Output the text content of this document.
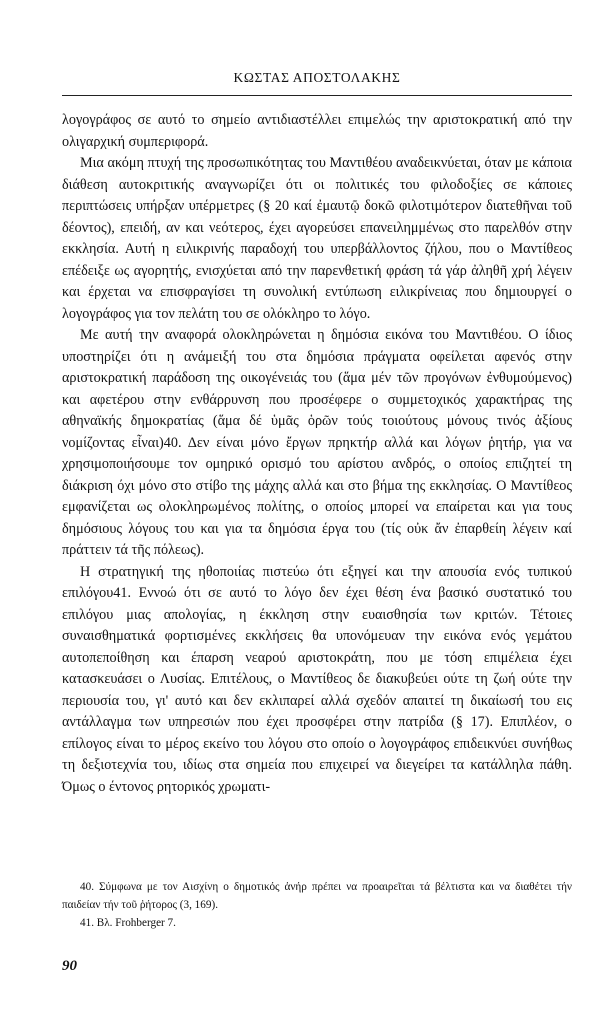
ΚΩΣΤΑΣ ΑΠΟΣΤΟΛΑΚΗΣ

λογογράφος σε αυτό το σημείο αντιδιαστέλλει επιμελώς την αριστοκρατική από την ολιγαρχική συμπεριφορά.

Μια ακόμη πτυχή της προσωπικότητας του Μαντιθέου αναδεικνύεται, όταν με κάποια διάθεση αυτοκριτικής αναγνωρίζει ότι οι πολιτικές του φιλοδοξίες σε κάποιες περιπτώσεις υπήρξαν υπέρμετρες (§ 20 καί ἐμαυτῷ δοκῶ φιλοτιμότερον διατεθῆναι τοῦ δέοντος), επειδή, αν και νεότερος, έχει αγορεύσει επανειλημμένως στο παρελθόν στην εκκλησία. Αυτή η ειλικρινής παραδοχή του υπερβάλλοντος ζήλου, που ο Μαντίθεος επέδειξε ως αγορητής, ενισχύεται από την παρενθετική φράση τά γάρ ἀληθῆ χρή λέγειν και έρχεται να επισφραγίσει τη συνολική εντύπωση ειλικρίνειας που δημιουργεί ο λογογράφος για τον πελάτη του σε ολόκληρο το λόγο.

Με αυτή την αναφορά ολοκληρώνεται η δημόσια εικόνα του Μαντιθέου. Ο ίδιος υποστηρίζει ότι η ανάμειξή του στα δημόσια πράγματα οφείλεται αφενός στην αριστοκρατική παράδοση της οικογένειάς του (ἅμα μέν τῶν προγόνων ἐνθυμούμενος) και αφετέρου στην ενθάρρυνση που προσέφερε ο συμμετοχικός χαρακτήρας της αθηναϊκής δημοκρατίας (ἅμα δέ ὑμᾶς ὁρῶν τούς τοιούτους μόνους τινός ἀξίους νομίζοντας εἶναι)40. Δεν είναι μόνο ἔργων πρηκτήρ αλλά και λόγων ῥητήρ, για να χρησιμοποιήσουμε τον ομηρικό ορισμό του αρίστου ανδρός, ο οποίος επιζητεί τη διάκριση όχι μόνο στο στίβο της μάχης αλλά και στο βήμα της εκκλησίας. Ο Μαντίθεος εμφανίζεται ως ολοκληρωμένος πολίτης, ο οποίος μπορεί να επαίρεται και για τους δημόσιους λόγους του και για τα δημόσια έργα του (τίς οὐκ ἄν ἐπαρθείη λέγειν καί πράττειν τά τῆς πόλεως).

Η στρατηγική της ηθοποιίας πιστεύω ότι εξηγεί και την απουσία ενός τυπικού επιλόγου41. Εννοώ ότι σε αυτό το λόγο δεν έχει θέση ένα βασικό συστατικό του επιλόγου μιας απολογίας, η έκκληση στην ευαισθησία των κριτών. Τέτοιες συναισθηματικά φορτισμένες εκκλήσεις θα υπονόμευαν την εικόνα ενός γεμάτου αυτοπεποίθηση και έπαρση νεαρού αριστοκράτη, που με τόση επιμέλεια έχει κατασκευάσει ο Λυσίας. Επιτέλους, ο Μαντίθεος δε διακυβεύει ούτε τη ζωή ούτε την περιουσία του, γι' αυτό και δεν εκλιπαρεί αλλά σχεδόν απαιτεί τη δικαίωσή του εις αντάλλαγμα των υπηρεσιών που έχει προσφέρει στην πατρίδα (§ 17). Επιπλέον, ο επίλογος είναι το μέρος εκείνο του λόγου στο οποίο ο λογογράφος επιδεικνύει συνήθως τη δεξιοτεχνία του, ιδίως στα σημεία που επιχειρεί να διεγείρει τα κατάλληλα πάθη. Όμως ο έντονος ρητορικός χρωματι-

40. Σύμφωνα με τον Αισχίνη ο δημοτικός ἀνήρ πρέπει να προαιρεῖται τά βέλτιστα και να διαθέτει τήν παιδείαν τήν τοῦ ῥήτορος (3, 169).

41. Βλ. Frohberger 7.

90
